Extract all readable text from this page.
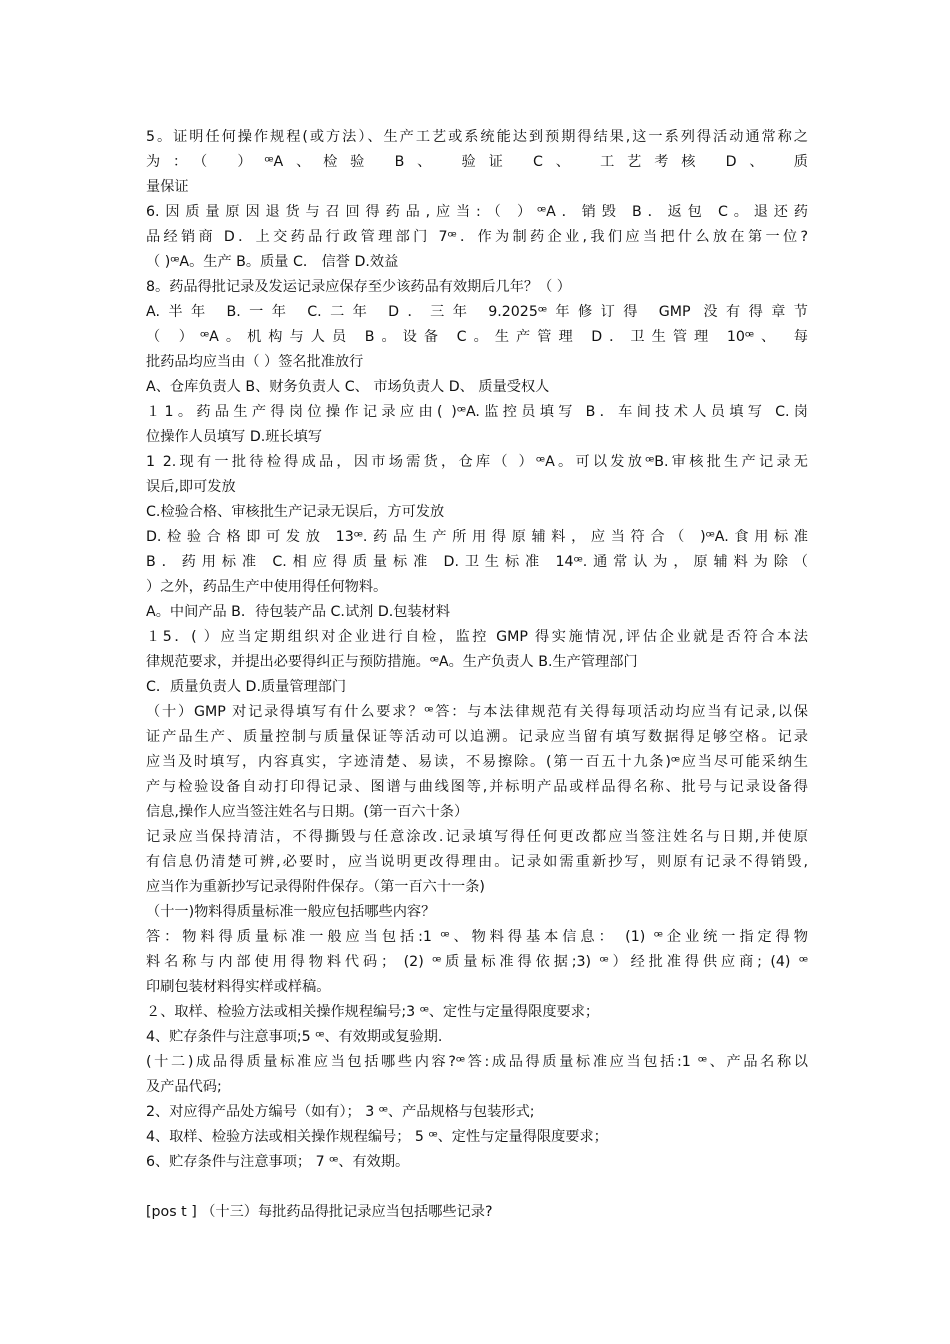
5。证明任何操作规程(或方法）、生产工艺或系统能达到预期得结果,这一系列得活动通常称之
为：（ ）ꟹA、检验 B、 验证 C、 工艺考核 D、 质
量保证
6.因质量原因退货与召回得药品,应当:（ ）ꟹA．销毁 B．返包 C。退还药
品经销商 D．上交药品行政管理部门 7ꟹ．作为制药企业,我们应当把什么放在第一位?
（ )ꟹA。生产 B。质量 C． 信誉 D.效益
8。药品得批记录及发运记录应保存至少该药品有效期后几年？（ ）
A.半年 B.一年 C.二年 D．三年 9.2025ꟹ年修订得 GMP 没有得章节
（ ）ꟹA。机构与人员 B。设备 C。生产管理 D．卫生管理 10ꟹ、 每
批药品均应当由（ ）签名批准放行
A、仓库负责人 B、财务负责人 C、 市场负责人 D、 质量受权人
１1。药品生产得岗位操作记录应由( )ꟹA.监控员填写 B．车间技术人员填写 C.岗
位操作人员填写 D.班长填写
1 2.现有一批待检得成品，因市场需货，仓库（ ）ꟹA。可以发放ꟹB.审核批生产记录无
误后,即可发放
C.检验合格、审核批生产记录无误后，方可发放
D.检验合格即可发放 13ꟹ.药品生产所用得原辅料，应当符合（ )ꟹA.食用标准
B．药用标准 C.相应得质量标准 D.卫生标准 14ꟹ.通常认为，原辅料为除（
）之外，药品生产中使用得任何物料。
A。中间产品 B．待包装产品 C.试剂 D.包装材料
１5．( ）应当定期组织对企业进行自检，监控 GMP 得实施情况,评估企业就是否符合本法
律规范要求，并提出必要得纠正与预防措施。ꟹA。生产负责人 B.生产管理部门
C．质量负责人 D.质量管理部门
（十）GMP 对记录得填写有什么要求？ꟹ答：与本法律规范有关得每项活动均应当有记录,以保
证产品生产、质量控制与质量保证等活动可以追溯。记录应当留有填写数据得足够空格。记录
应当及时填写，内容真实，字迹清楚、易读，不易擦除。(第一百五十九条)ꟹ应当尽可能采纳生
产与检验设备自动打印得记录、图谱与曲线图等,并标明产品或样品得名称、批号与记录设备得
信息,操作人应当签注姓名与日期。(第一百六十条）
记录应当保持清洁，不得撕毁与任意涂改.记录填写得任何更改都应当签注姓名与日期,并使原
有信息仍清楚可辨,必要时，应当说明更改得理由。记录如需重新抄写，则原有记录不得销毁,
应当作为重新抄写记录得附件保存。（第一百六十一条)
（十一)物料得质量标准一般应包括哪些内容？
答：物料得质量标准一般应当包括:1 ꟹ、物料得基本信息： (1) ꟹ企业统一指定得物
料名称与内部使用得物料代码； (2) ꟹ质量标准得依据;3) ꟹ）经批准得供应商; (4) ꟹ
印刷包装材料得实样或样稿。
２、取样、检验方法或相关操作规程编号;3 ꟹ、定性与定量得限度要求；
4、贮存条件与注意事项;5 ꟹ、有效期或复验期.
(十二)成品得质量标准应当包括哪些内容?ꟹ答:成品得质量标准应当包括:1 ꟹ、产品名称以
及产品代码;
2、对应得产品处方编号（如有）； 3 ꟹ、产品规格与包装形式;
4、取样、检验方法或相关操作规程编号； 5 ꟹ、定性与定量得限度要求；
6、贮存条件与注意事项； 7 ꟹ、有效期。
[pos t ] （十三）每批药品得批记录应当包括哪些记录?
